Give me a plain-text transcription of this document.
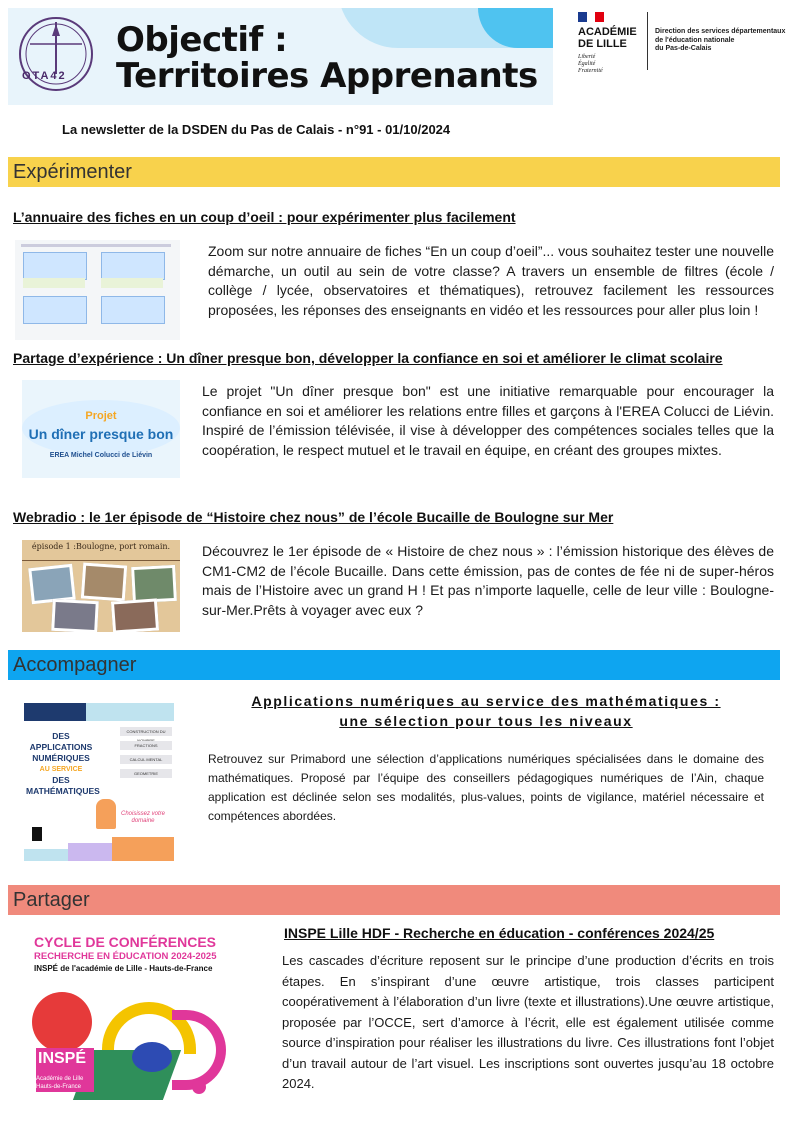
OTA42
Objectif :
Territoires Apprenants
ACADÉMIE
DE LILLE
Liberté
Égalité
Fraternité
Direction des services départementaux
de l'éducation nationale
du Pas-de-Calais
La newsletter de la DSDEN du Pas de Calais - n°91 - 01/10/2024
Expérimenter
L’annuaire des fiches en un coup d’oeil : pour expérimenter plus facilement
Zoom sur notre annuaire de fiches “En un coup d’oeil”... vous souhaitez tester une nouvelle démarche, un outil au sein de votre classe? A travers un ensemble de filtres (école / collège / lycée, observatoires et thématiques), retrouvez facilement les ressources proposées, les réponses des enseignants en vidéo et les ressources pour aller plus loin !
Partage d’expérience : Un dîner presque bon, développer la confiance en soi et améliorer le climat scolaire
Projet
Un dîner presque bon
EREA Michel Colucci de Liévin
Le projet "Un dîner presque bon" est une initiative remarquable pour encourager la confiance en soi et améliorer les relations entre filles et garçons à l'EREA Colucci de Liévin. Inspiré de l’émission télévisée, il vise à développer des compétences sociales telles que la coopération, le respect mutuel et le travail en équipe, en créant des groupes mixtes.
Webradio : le 1er épisode de “Histoire chez nous” de l’école Bucaille de Boulogne sur Mer
épisode 1 :Boulogne, port romain.	Découvrez le 1er épisode de « Histoire de chez nous » : l’émission historique des élèves de CM1-CM2 de l’école Bucaille. Dans cette émission, pas de contes de fée ni de super-héros mais de l’Histoire avec un grand H ! Et pas n’importe laquelle, celle de leur ville : Boulogne-sur-Mer.Prêts à voyager avec eux ?
Accompagner
DES APPLICATIONS
NUMÉRIQUES
AU SERVICE
DES MATHÉMATIQUES
CONSTRUCTION DU
FRACTIONS
CALCUL MENTAL
GEOMETRIE
Choisissez votre domaine
Applications numériques au service des mathématiques :
une sélection pour tous les niveaux
Retrouvez sur Primabord une sélection d’applications numériques spécialisées dans le domaine des mathématiques. Proposé par l’équipe des conseillers pédagogiques numériques de l’Ain, chaque application est déclinée selon ses modalités, plus-values, points de vigilance, matériel nécessaire et compétences abordées.
Partager
CYCLE DE CONFÉRENCES
RECHERCHE EN ÉDUCATION 2024-2025
INSPÉ de l'académie de Lille - Hauts-de-France
INSPÉ
Académie de Lille
Hauts-de-France
INSPE Lille HDF - Recherche en éducation - conférences 2024/25
Les cascades d’écriture reposent sur le principe d’une production d’écrits en trois étapes. En s’inspirant d’une œuvre artistique, trois classes participent coopérativement à l’élaboration d’un livre (texte et illustrations).Une œuvre artistique, proposée par l’OCCE, sert d’amorce à l’écrit, elle est également utilisée comme source d’inspiration pour réaliser les illustrations du livre. Ces illustrations font l’objet d’un travail autour de l’art visuel. Les inscriptions sont ouvertes jusqu’au 18 octobre 2024.
